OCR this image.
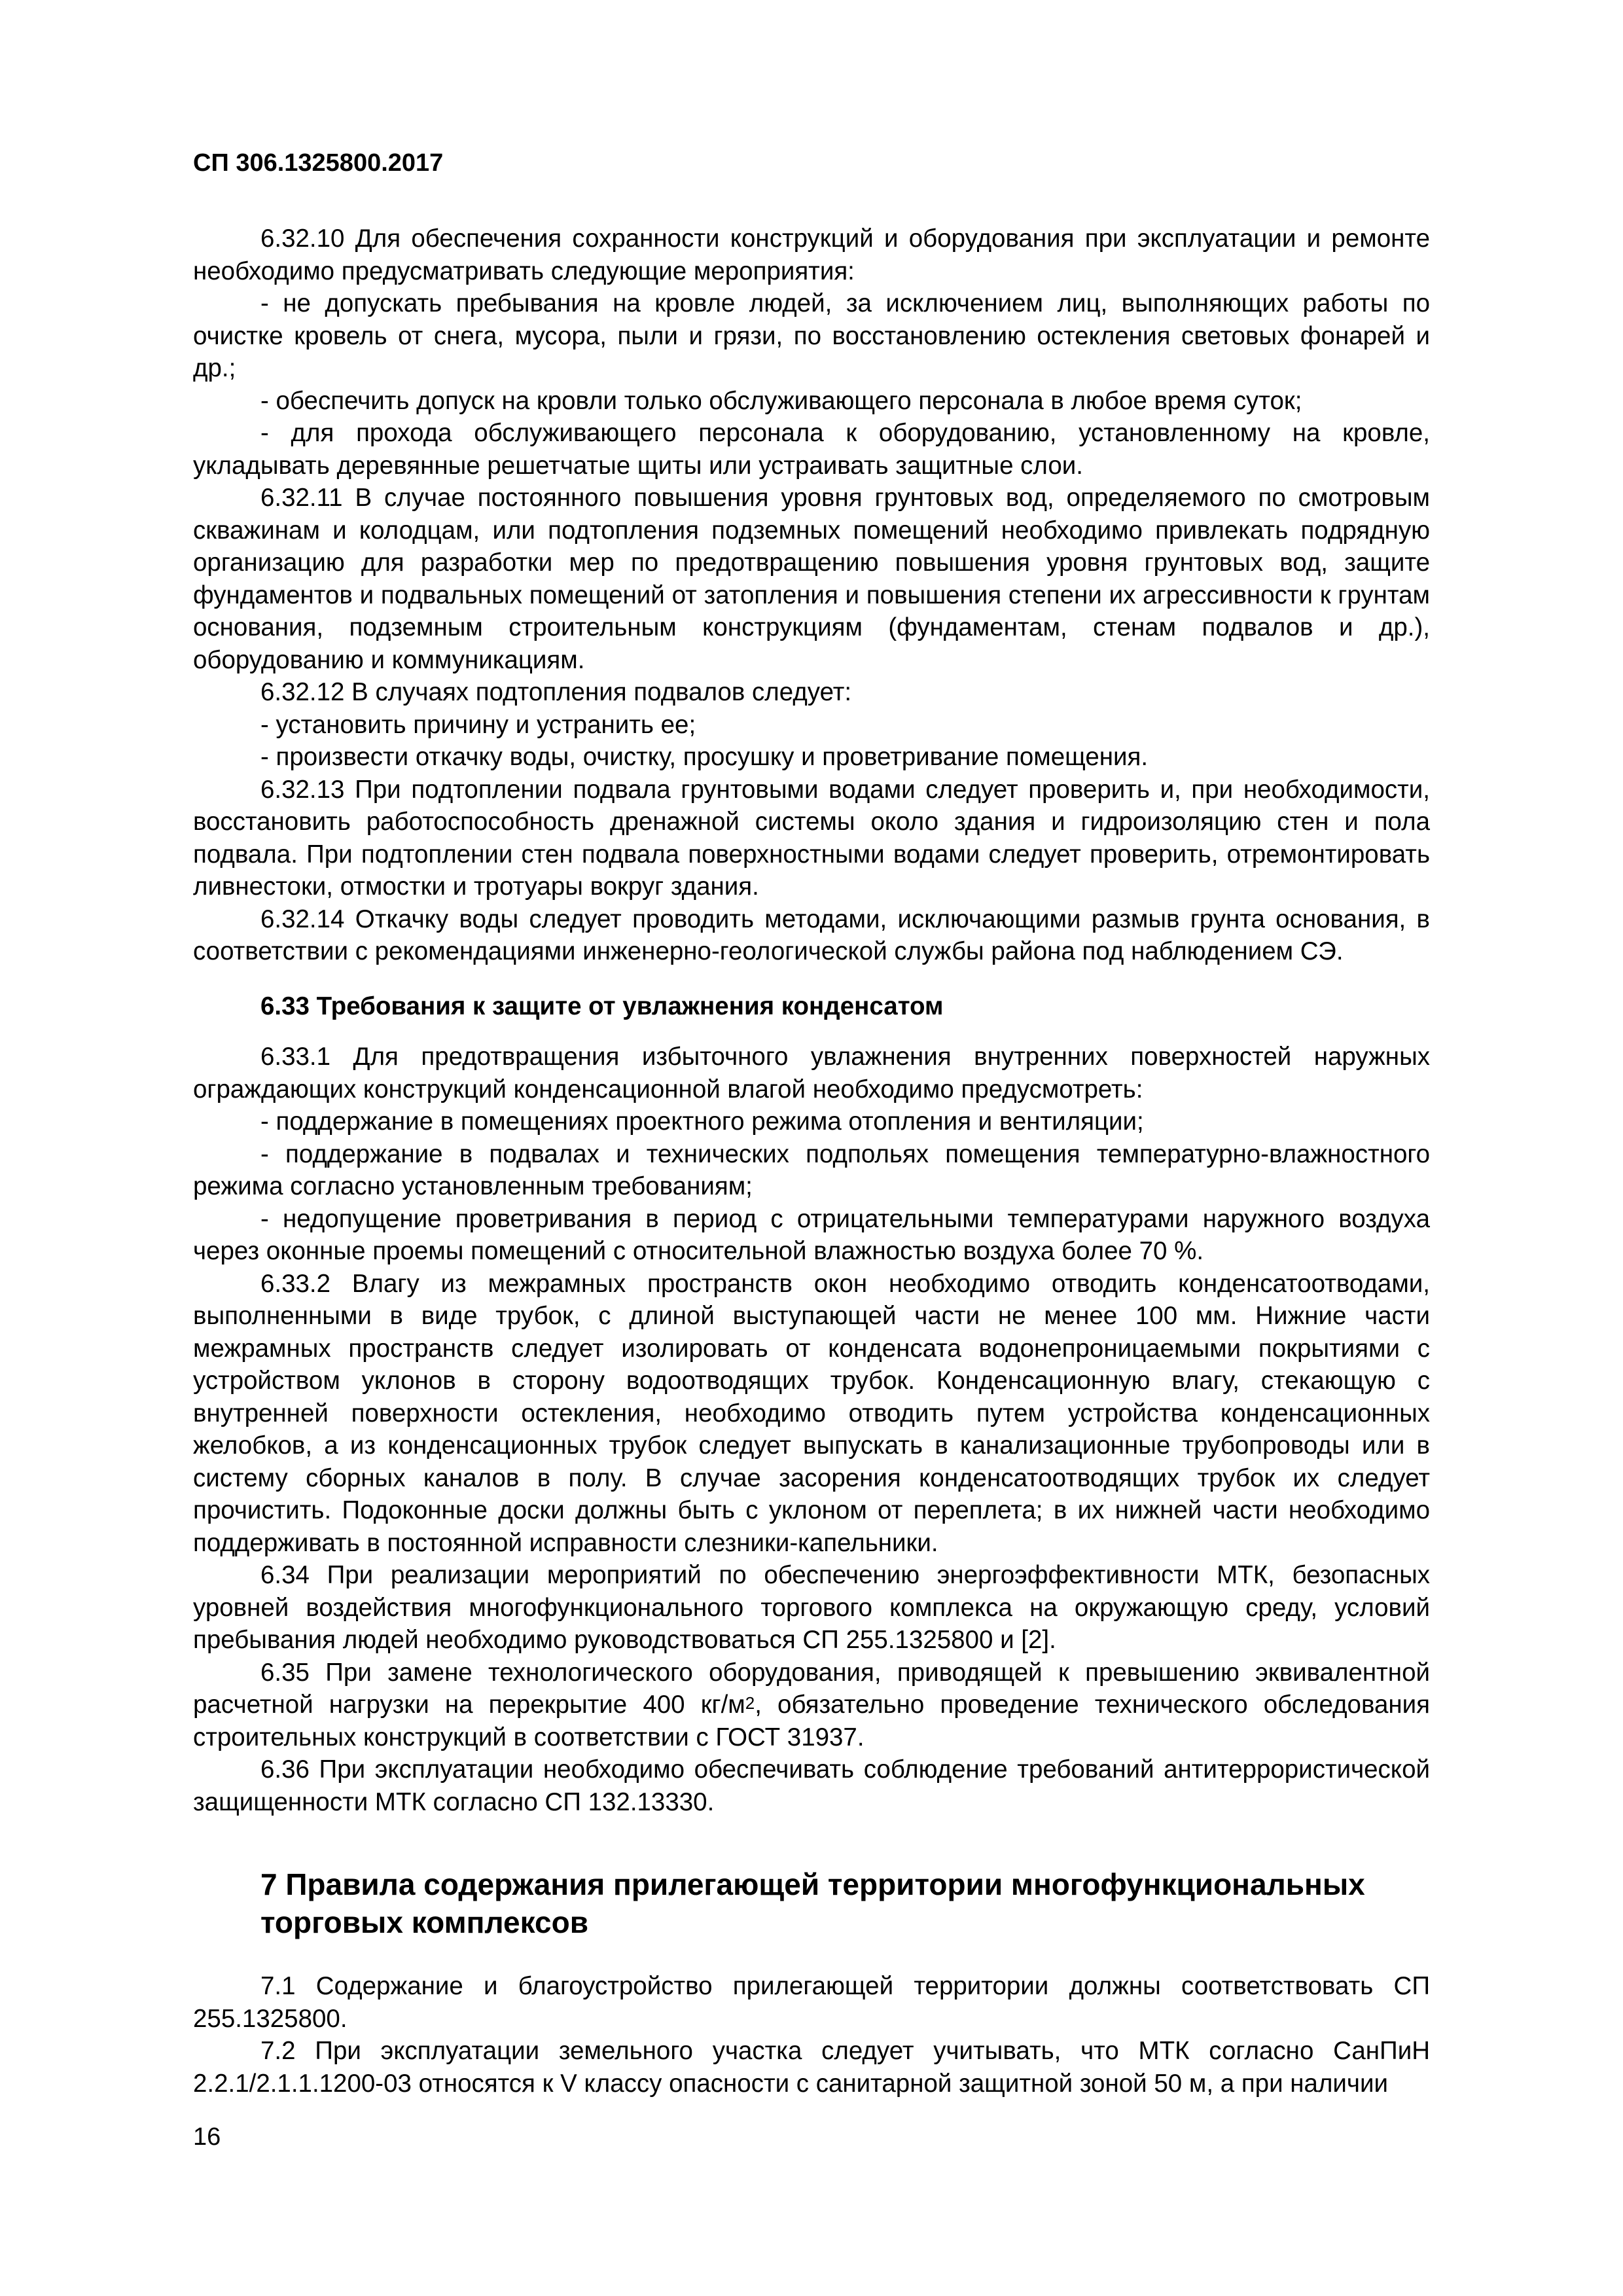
СП 306.1325800.2017

6.32.10 Для обеспечения сохранности конструкций и оборудования при эксплуатации и ремонте необходимо предусматривать следующие мероприятия:

- не допускать пребывания на кровле людей, за исключением лиц, выполняющих работы по очистке кровель от снега, мусора, пыли и грязи, по восстановлению остекления световых фонарей и др.;

- обеспечить допуск на кровли только обслуживающего персонала в любое время суток;

- для прохода обслуживающего персонала к оборудованию, установленному на кровле, укладывать деревянные решетчатые щиты или устраивать защитные слои.

6.32.11 В случае постоянного повышения уровня грунтовых вод, определяемого по смотровым скважинам и колодцам, или подтопления подземных помещений необходимо привлекать подрядную организацию для разработки мер по предотвращению повышения уровня грунтовых вод, защите фундаментов и подвальных помещений от затопления и повышения степени их агрессивности к грунтам основания, подземным строительным конструкциям (фундаментам, стенам подвалов и др.), оборудованию и коммуникациям.

6.32.12 В случаях подтопления подвалов следует:

- установить причину и устранить ее;

- произвести откачку воды, очистку, просушку и проветривание помещения.

6.32.13 При подтоплении подвала грунтовыми водами следует проверить и, при необходимости, восстановить работоспособность дренажной системы около здания и гидроизоляцию стен и пола подвала. При подтоплении стен подвала поверхностными водами следует проверить, отремонтировать ливнестоки, отмостки и тротуары вокруг здания.

6.32.14 Откачку воды следует проводить методами, исключающими размыв грунта основания, в соответствии с рекомендациями инженерно-геологической службы района под наблюдением СЭ.

6.33 Требования к защите от увлажнения конденсатом

6.33.1 Для предотвращения избыточного увлажнения внутренних поверхностей наружных ограждающих конструкций конденсационной влагой необходимо предусмотреть:

- поддержание в помещениях проектного режима отопления и вентиляции;

- поддержание в подвалах и технических подпольях помещения температурно-влажностного режима согласно установленным требованиям;

- недопущение проветривания в период с отрицательными температурами наружного воздуха через оконные проемы помещений с относительной влажностью воздуха более 70 %.

6.33.2 Влагу из межрамных пространств окон необходимо отводить конденсатоотводами, выполненными в виде трубок, с длиной выступающей части не менее 100 мм. Нижние части межрамных пространств следует изолировать от конденсата водонепроницаемыми покрытиями с устройством уклонов в сторону водоотводящих трубок. Конденсационную влагу, стекающую с внутренней поверхности остекления, необходимо отводить путем устройства конденсационных желобков, а из конденсационных трубок следует выпускать в канализационные трубопроводы или в систему сборных каналов в полу. В случае засорения конденсатоотводящих трубок их следует прочистить. Подоконные доски должны быть с уклоном от переплета; в их нижней части необходимо поддерживать в постоянной исправности слезники-капельники.

6.34 При реализации мероприятий по обеспечению энергоэффективности МТК, безопасных уровней воздействия многофункционального торгового комплекса на окружающую среду, условий пребывания людей необходимо руководствоваться СП 255.1325800 и [2].

6.35 При замене технологического оборудования, приводящей к превышению эквивалентной расчетной нагрузки на перекрытие 400 $кг/м^2$, обязательно проведение технического обследования строительных конструкций в соответствии с ГОСТ 31937.

6.36 При эксплуатации необходимо обеспечивать соблюдение требований антитеррористической защищенности МТК согласно СП 132.13330.

7 Правила содержания прилегающей территории многофункциональных торговых комплексов

7.1 Содержание и благоустройство прилегающей территории должны соответствовать СП 255.1325800.

7.2 При эксплуатации земельного участка следует учитывать, что МТК согласно СанПиН 2.2.1/2.1.1.1200-03 относятся к V классу опасности с санитарной защитной зоной 50 м, а при наличии

16
